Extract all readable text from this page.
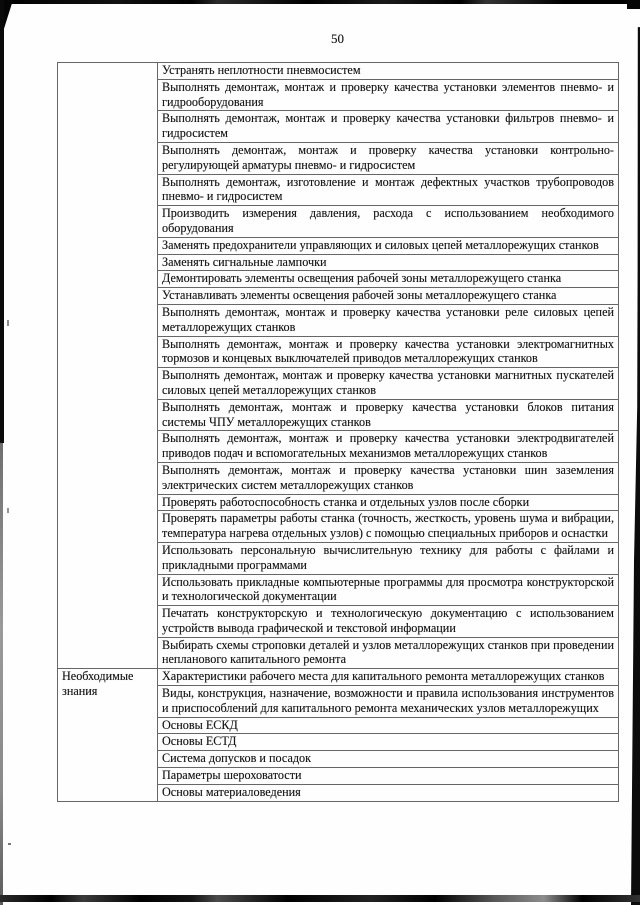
50
	Устранять неплотности пневмосистем
	Выполнять демонтаж, монтаж и проверку качества установки элементов пневмо- и гидрооборудования
	Выполнять демонтаж, монтаж и проверку качества установки фильтров пневмо- и гидросистем
	Выполнять демонтаж, монтаж и проверку качества установки контрольно-регулирующей арматуры пневмо- и гидросистем
	Выполнять демонтаж, изготовление и монтаж дефектных участков трубопроводов пневмо- и гидросистем
	Производить измерения давления, расхода с использованием необходимого оборудования
	Заменять предохранители управляющих и силовых цепей металлорежущих станков
	Заменять сигнальные лампочки
	Демонтировать элементы освещения рабочей зоны металлорежущего станка
	Устанавливать элементы освещения рабочей зоны металлорежущего станка
	Выполнять демонтаж, монтаж и проверку качества установки реле силовых цепей металлорежущих станков
	Выполнять демонтаж, монтаж и проверку качества установки электромагнитных тормозов и концевых выключателей приводов металлорежущих станков
	Выполнять демонтаж, монтаж и проверку качества установки магнитных пускателей силовых цепей металлорежущих станков
	Выполнять демонтаж, монтаж и проверку качества установки блоков питания системы ЧПУ металлорежущих станков
	Выполнять демонтаж, монтаж и проверку качества установки электродвигателей приводов подач и вспомогательных механизмов металлорежущих станков
	Выполнять демонтаж, монтаж и проверку качества установки шин заземления электрических систем металлорежущих станков
	Проверять работоспособность станка и отдельных узлов после сборки
	Проверять параметры работы станка (точность, жесткость, уровень шума и вибрации, температура нагрева отдельных узлов) с помощью специальных приборов и оснастки
	Использовать персональную вычислительную технику для работы с файлами и прикладными программами
	Использовать прикладные компьютерные программы для просмотра конструкторской и технологической документации
	Печатать конструкторскую и технологическую документацию с использованием устройств вывода графической и текстовой информации
	Выбирать схемы строповки деталей и узлов металлорежущих станков при проведении непланового капитального ремонта
Необходимые знания	Характеристики рабочего места для капитального ремонта металлорежущих станков
	Виды, конструкция, назначение, возможности и правила использования инструментов и приспособлений для капитального ремонта механических узлов металлорежущих
	Основы ЕСКД
	Основы ЕСТД
	Система допусков и посадок
	Параметры шероховатости
	Основы материаловедения
